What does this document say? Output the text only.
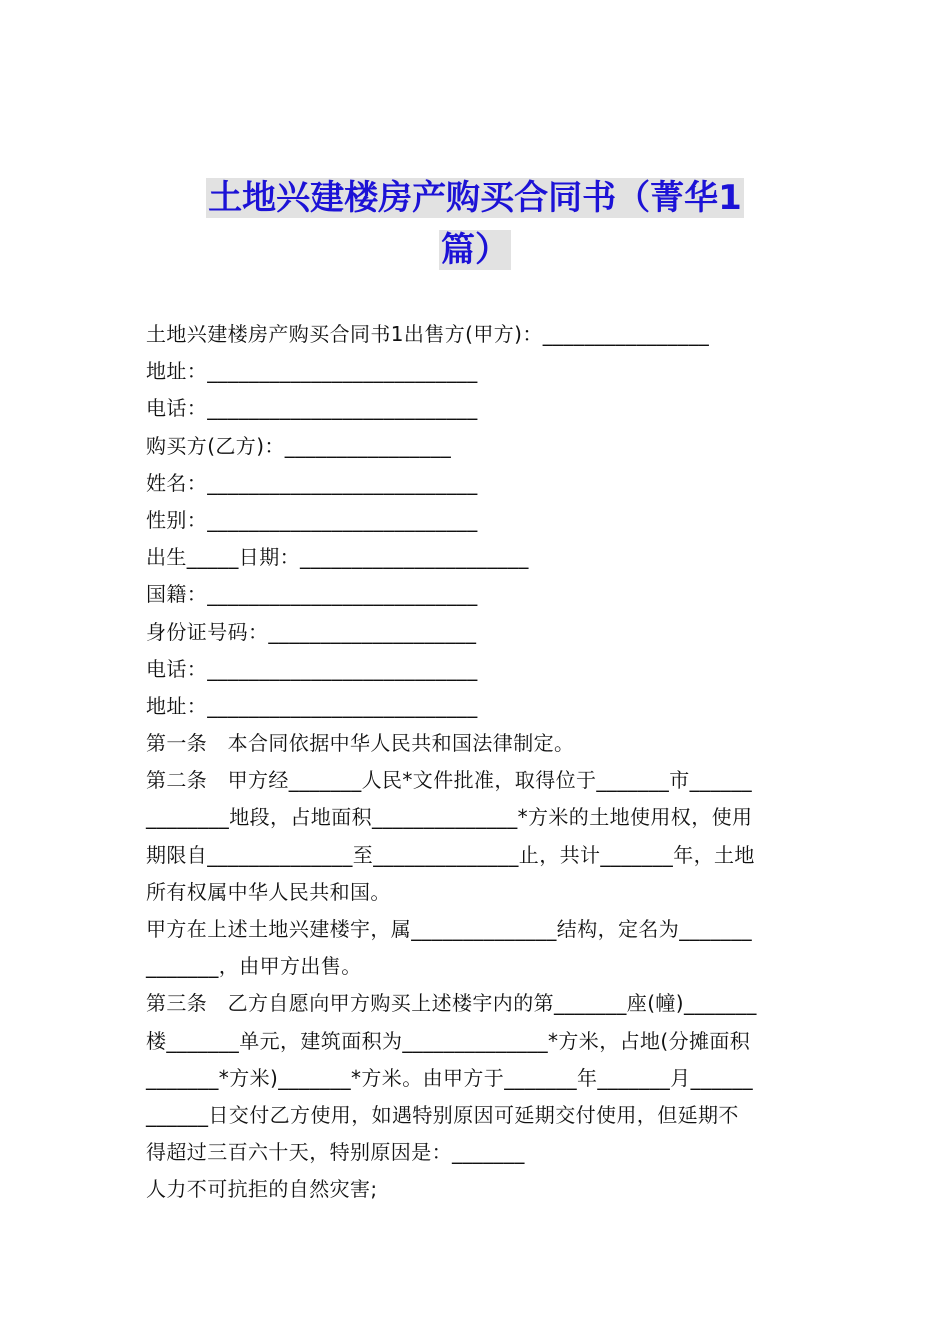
土地兴建楼房产购买合同书（菁华1
篇）
土地兴建楼房产购买合同书1出售方(甲方)：________________
地址：__________________________
电话：__________________________
购买方(乙方)：________________
姓名：__________________________
性别：__________________________
出生_____日期：______________________
国籍：__________________________
身份证号码：____________________
电话：__________________________
地址：__________________________
第一条　本合同依据中华人民共和国法律制定。
第二条　甲方经_______人民*文件批准，取得位于_______市______
________地段，占地面积______________*方米的土地使用权，使用
期限自______________至______________止，共计_______年，土地
所有权属中华人民共和国。
甲方在上述土地兴建楼宇，属______________结构，定名为_______
_______，由甲方出售。
第三条　乙方自愿向甲方购买上述楼宇内的第_______座(幢)_______
楼_______单元，建筑面积为______________*方米，占地(分摊面积
_______*方米)_______*方米。由甲方于_______年_______月______
______日交付乙方使用，如遇特别原因可延期交付使用，但延期不
得超过三百六十天，特别原因是：_______
人力不可抗拒的自然灾害;
